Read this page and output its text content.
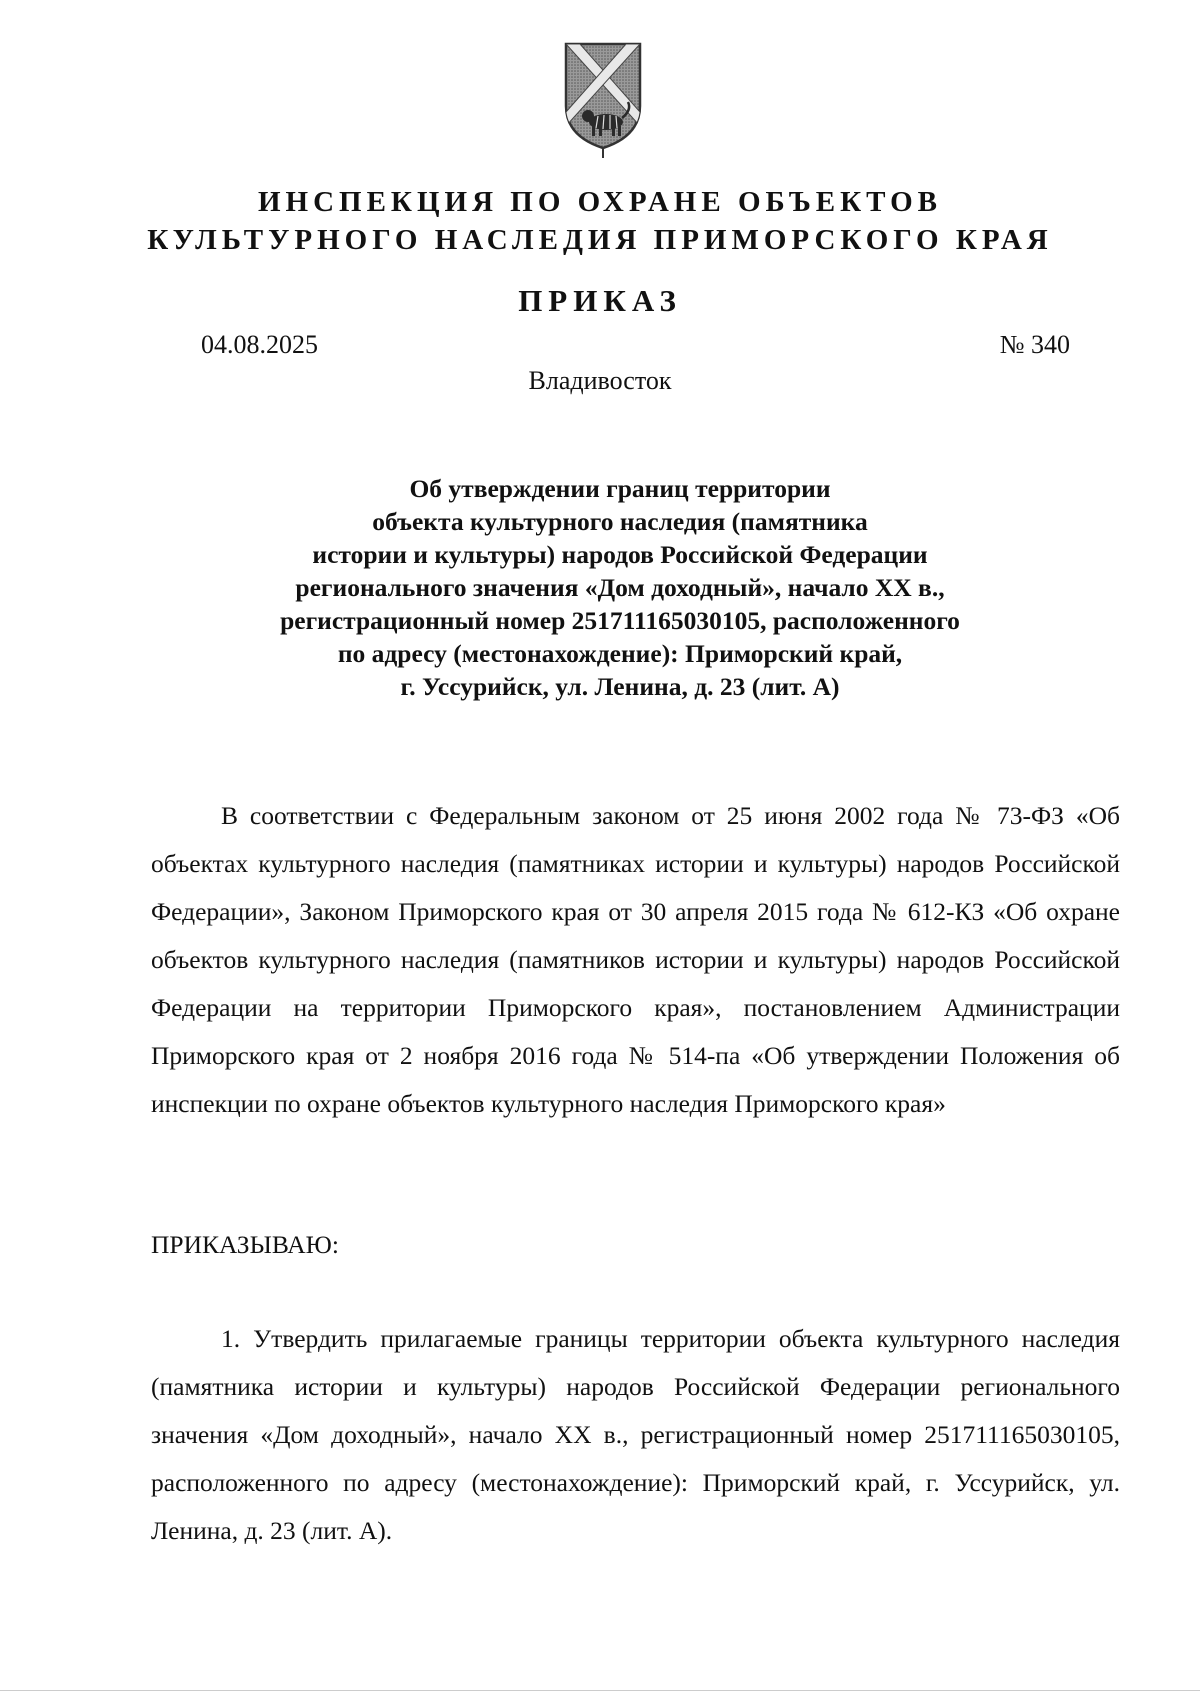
ИНСПЕКЦИЯ ПО ОХРАНЕ ОБЪЕКТОВ
КУЛЬТУРНОГО НАСЛЕДИЯ ПРИМОРСКОГО КРАЯ
ПРИКАЗ
04.08.2025	№ 340
Владивосток
Об утверждении границ территории
объекта культурного наследия (памятника
истории и культуры) народов Российской Федерации
регионального значения «Дом доходный», начало XX в.,
регистрационный номер 251711165030105, расположенного
по адресу (местонахождение): Приморский край,
г. Уссурийск, ул. Ленина, д. 23 (лит. А)
В соответствии с Федеральным законом от 25 июня 2002 года № 73-ФЗ «Об объектах культурного наследия (памятниках истории и культуры) народов Российской Федерации», Законом Приморского края от 30 апреля 2015 года № 612-КЗ «Об охране объектов культурного наследия (памятников истории и культуры) народов Российской Федерации на территории Приморского края», постановлением Администрации Приморского края от 2 ноября 2016 года № 514-па «Об утверждении Положения об инспекции по охране объектов культурного наследия Приморского края»
ПРИКАЗЫВАЮ:
1. Утвердить прилагаемые границы территории объекта культурного наследия (памятника истории и культуры) народов Российской Федерации регионального значения «Дом доходный», начало XX в., регистрационный номер 251711165030105, расположенного по адресу (местонахождение): Приморский край, г. Уссурийск, ул. Ленина, д. 23 (лит. А).
